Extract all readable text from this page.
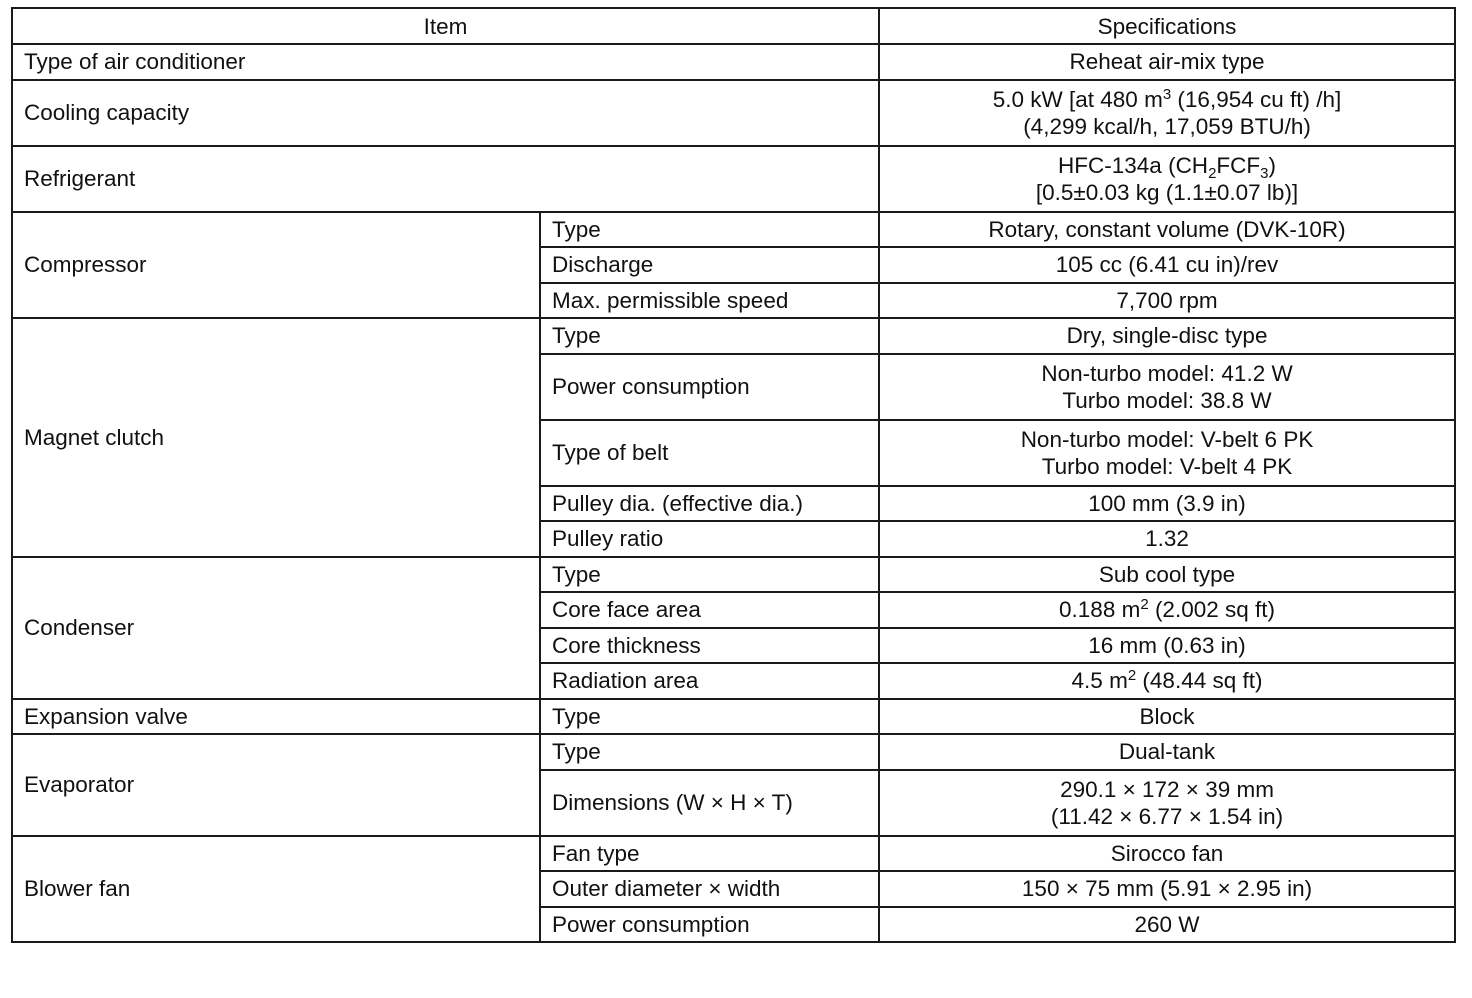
Item		Specifications
Type of air conditioner		Reheat air-mix type
Cooling capacity		5.0 kW [at 480 $m^3$ (16,954 cu ft) /h]
(4,299 kcal/h, 17,059 BTU/h)

Refrigerant		HFC-134a $(CH_2FCF_3)$
[0.5±0.03 kg (1.1±0.07 lb)]

Compressor	Type	Rotary, constant volume (DVK-10R)
	Discharge	105 cc (6.41 cu in)/rev
	Max. permissible speed	7,700 rpm
Magnet clutch	Type	Dry, single-disc type
	Power consumption	Non-turbo model: 41.2 W
Turbo model: 38.8 W

	Type of belt	Non-turbo model: V-belt 6 PK
Turbo model: V-belt 4 PK

	Pulley dia. (effective dia.)	100 mm (3.9 in)
	Pulley ratio	1.32
Condenser	Type	Sub cool type
	Core face area	0.188 $m^2$ (2.002 sq ft)
	Core thickness	16 mm (0.63 in)
	Radiation area	4.5 $m^2$ (48.44 sq ft)
Expansion valve	Type	Block
Evaporator	Type	Dual-tank
	Dimensions (W × H × T)	290.1 × 172 × 39 mm
(11.42 × 6.77 × 1.54 in)

Blower fan	Fan type	Sirocco fan
	Outer diameter × width	150 × 75 mm (5.91 × 2.95 in)
	Power consumption	260 W
